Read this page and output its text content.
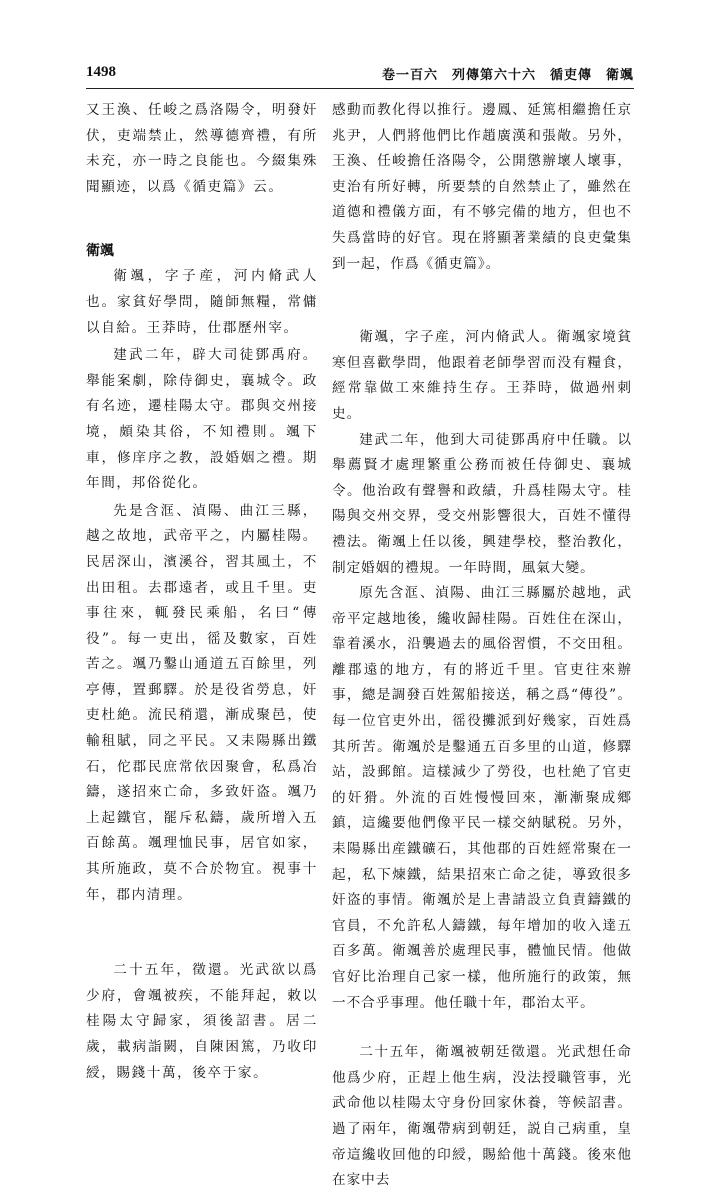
1498	卷一百六　列傳第六十六　循吏傳　衛颯

又王渙、任峻之爲洛陽令，明發奸伏，吏端禁止，然導德齊禮，有所未充，亦一時之良能也。今綴集殊聞顯迹，以爲《循吏篇》云。

衛颯

衛颯，字子産，河内脩武人也。家貧好學問，隨師無糧，常傭以自給。王莽時，仕郡歷州宰。

建武二年，辟大司徒鄧禹府。舉能案劇，除侍御史，襄城令。政有名迹，遷桂陽太守。郡與交州接境，頗染其俗，不知禮則。颯下車，修庠序之教，設婚姻之禮。期年間，邦俗從化。

先是含洭、湞陽、曲江三縣，越之故地，武帝平之，内屬桂陽。民居深山，濱溪谷，習其風土，不出田租。去郡遠者，或且千里。吏事往來，輒發民乘船，名曰“傳役”。每一吏出，徭及數家，百姓苦之。颯乃鑿山通道五百餘里，列亭傳，置郵驛。於是役省勞息，奸吏杜絶。流民稍還，漸成聚邑，使輸租賦，同之平民。又耒陽縣出鐵石，佗郡民庶常依因聚會，私爲冶鑄，遂招來亡命，多致奸盗。颯乃上起鐵官，罷斥私鑄，歲所增入五百餘萬。颯理恤民事，居官如家，其所施政，莫不合於物宜。視事十年，郡内清理。

二十五年，徵還。光武欲以爲少府，會颯被疾，不能拜起，敕以桂陽太守歸家，須後詔書。居二歲，載病詣闕，自陳困篤，乃收印綬，賜錢十萬，後卒于家。

感動而教化得以推行。邊鳳、延篤相繼擔任京兆尹，人們將他們比作趙廣漢和張敞。另外，王渙、任峻擔任洛陽令，公開懲辦壞人壞事，吏治有所好轉，所要禁的自然禁止了，雖然在道德和禮儀方面，有不够完備的地方，但也不失爲當時的好官。現在將顯著業績的良吏彙集到一起，作爲《循吏篇》。

衛颯，字子産，河内脩武人。衛颯家境貧寒但喜歡學問，他跟着老師學習而没有糧食，經常靠做工來維持生存。王莽時，做過州刺史。

建武二年，他到大司徒鄧禹府中任職。以舉薦賢才處理繁重公務而被任侍御史、襄城令。他治政有聲譽和政績，升爲桂陽太守。桂陽與交州交界，受交州影響很大，百姓不懂得禮法。衛颯上任以後，興建學校，整治教化，制定婚姻的禮規。一年時間，風氣大變。

原先含洭、湞陽、曲江三縣屬於越地，武帝平定越地後，纔收歸桂陽。百姓住在深山，靠着溪水，沿襲過去的風俗習慣，不交田租。離郡遠的地方，有的將近千里。官吏往來辦事，總是調發百姓駕船接送，稱之爲“傳役”。每一位官吏外出，徭役攤派到好幾家，百姓爲其所苦。衛颯於是鑿通五百多里的山道，修驛站，設郵館。這樣減少了勞役，也杜絶了官吏的奸猾。外流的百姓慢慢回來，漸漸聚成鄉鎮，這纔要他們像平民一樣交納賦税。另外，耒陽縣出産鐵礦石，其他郡的百姓經常聚在一起，私下煉鐵，結果招來亡命之徒，導致很多奸盗的事情。衛颯於是上書請設立負責鑄鐵的官員，不允許私人鑄鐵，每年增加的收入達五百多萬。衛颯善於處理民事，體恤民情。他做官好比治理自己家一樣，他所施行的政策，無一不合乎事理。他任職十年，郡治太平。

二十五年，衛颯被朝廷徵還。光武想任命他爲少府，正趕上他生病，没法授職管事，光武命他以桂陽太守身份回家休養，等候詔書。過了兩年，衛颯帶病到朝廷，説自己病重，皇帝這纔收回他的印綬，賜給他十萬錢。後來他在家中去
